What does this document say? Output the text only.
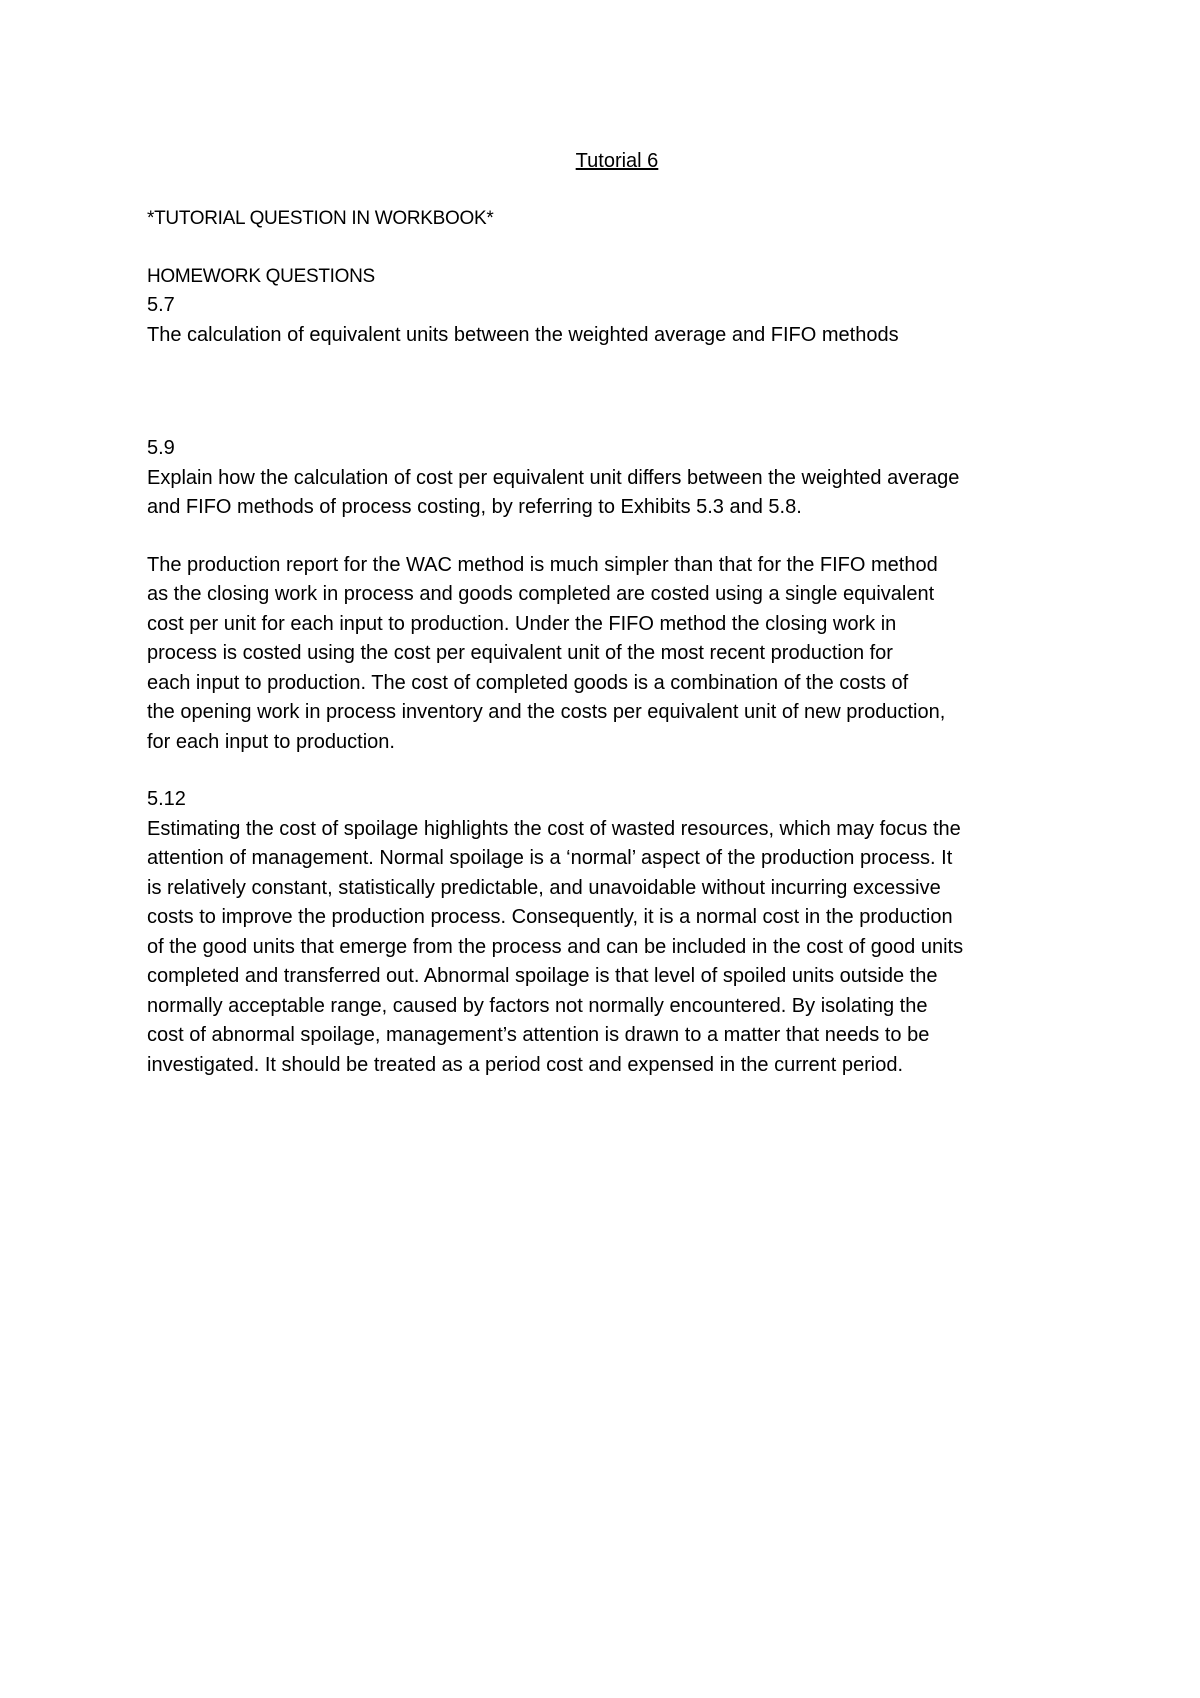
Tutorial 6
*TUTORIAL QUESTION IN WORKBOOK*
HOMEWORK QUESTIONS
5.7
The calculation of equivalent units between the weighted average and FIFO methods
5.9
Explain how the calculation of cost per equivalent unit differs between the weighted average
and FIFO methods of process costing, by referring to Exhibits 5.3 and 5.8.
The production report for the WAC method is much simpler than that for the FIFO method
as the closing work in process and goods completed are costed using a single equivalent
cost per unit for each input to production. Under the FIFO method the closing work in
process is costed using the cost per equivalent unit of the most recent production for
each input to production. The cost of completed goods is a combination of the costs of
the opening work in process inventory and the costs per equivalent unit of new production,
for each input to production.
5.12
Estimating the cost of spoilage highlights the cost of wasted resources, which may focus the
attention of management. Normal spoilage is a ‘normal’ aspect of the production process. It
is relatively constant, statistically predictable, and unavoidable without incurring excessive
costs to improve the production process. Consequently, it is a normal cost in the production
of the good units that emerge from the process and can be included in the cost of good units
completed and transferred out. Abnormal spoilage is that level of spoiled units outside the
normally acceptable range, caused by factors not normally encountered. By isolating the
cost of abnormal spoilage, management’s attention is drawn to a matter that needs to be
investigated. It should be treated as a period cost and expensed in the current period.
